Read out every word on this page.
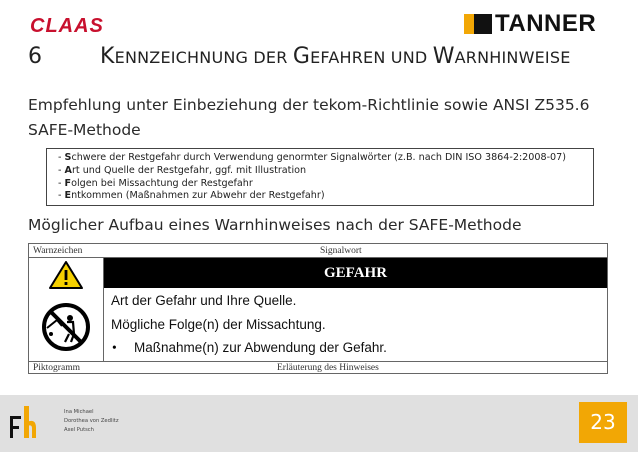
CLAAS	TANNER
6	KENNZEICHNUNG DER GEFAHREN UND WARNHINWEISE
Empfehlung unter Einbeziehung der tekom-Richtlinie sowie ANSI Z535.6
SAFE-Methode
- Schwere der Restgefahr durch Verwendung genormter Signalwörter (z.B. nach DIN ISO 3864-2:2008-07)
- Art und Quelle der Restgefahr, ggf. mit Illustration
- Folgen bei Missachtung der Restgefahr
- Entkommen (Maßnahmen zur Abwehr der Restgefahr)
Möglicher Aufbau eines Warnhinweises nach der SAFE-Methode
Warnzeichen	Signalwort
GEFAHR
Art der Gefahr und Ihre Quelle.
Mögliche Folge(n) der Missachtung.
• Maßnahme(n) zur Abwendung der Gefahr.
Piktogramm	Erläuterung des Hinweises
Ina Michael
Dorothea von Zedlitz
Axel Putsch	23
